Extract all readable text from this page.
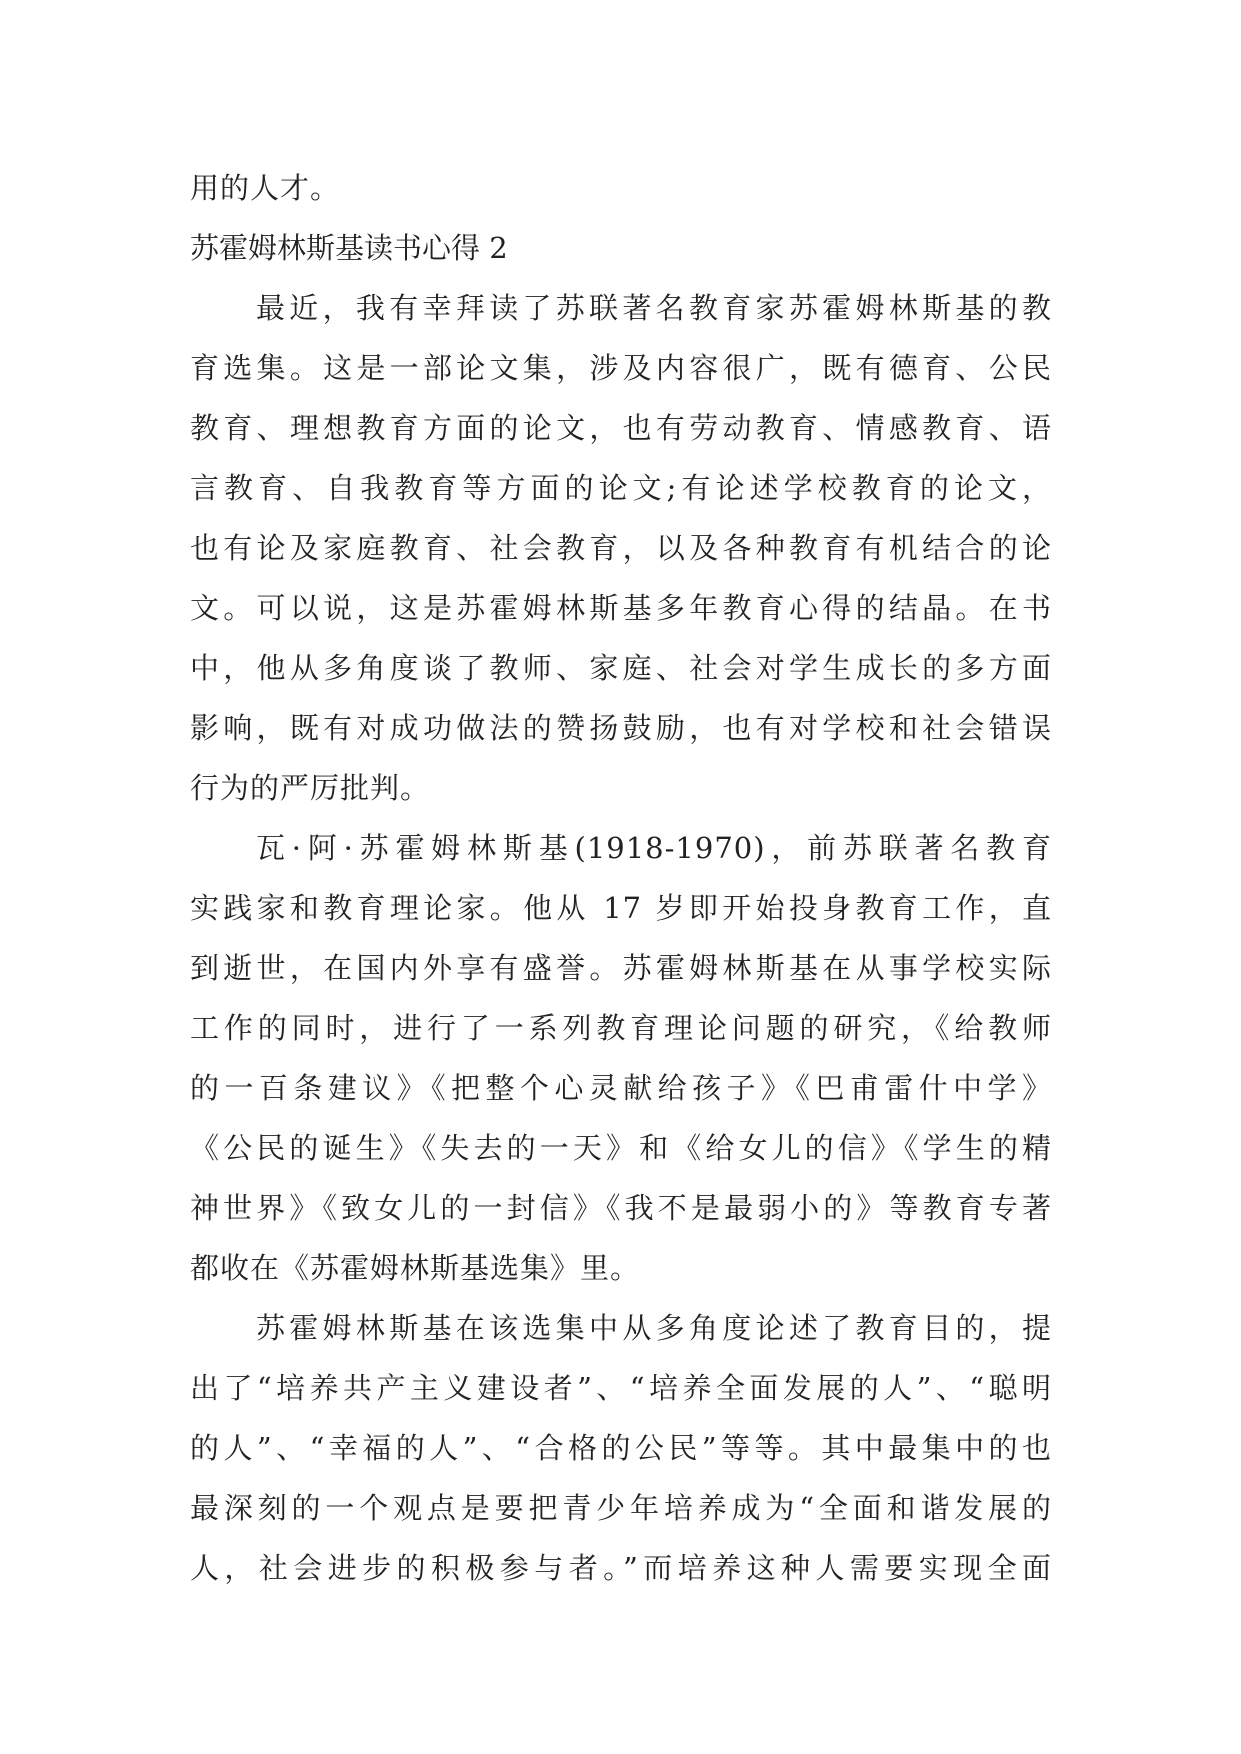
用的人才。
苏霍姆林斯基读书心得 2
最近，我有幸拜读了苏联著名教育家苏霍姆林斯基的教
育选集。这是一部论文集，涉及内容很广，既有德育、公民
教育、理想教育方面的论文，也有劳动教育、情感教育、语
言教育、自我教育等方面的论文;有论述学校教育的论文，
也有论及家庭教育、社会教育，以及各种教育有机结合的论
文。可以说，这是苏霍姆林斯基多年教育心得的结晶。在书
中，他从多角度谈了教师、家庭、社会对学生成长的多方面
影响，既有对成功做法的赞扬鼓励，也有对学校和社会错误
行为的严厉批判。
瓦·阿·苏霍姆林斯基(1918-1970)，前苏联著名教育
实践家和教育理论家。他从 17 岁即开始投身教育工作，直
到逝世，在国内外享有盛誉。苏霍姆林斯基在从事学校实际
工作的同时，进行了一系列教育理论问题的研究，《给教师
的一百条建议》《把整个心灵献给孩子》《巴甫雷什中学》
《公民的诞生》《失去的一天》和《给女儿的信》《学生的精
神世界》《致女儿的一封信》《我不是最弱小的》等教育专著
都收在《苏霍姆林斯基选集》里。
苏霍姆林斯基在该选集中从多角度论述了教育目的，提
出了“培养共产主义建设者”、“培养全面发展的人”、“聪明
的人”、“幸福的人”、“合格的公民”等等。其中最集中的也
最深刻的一个观点是要把青少年培养成为“全面和谐发展的
人，社会进步的积极参与者。”而培养这种人需要实现全面
